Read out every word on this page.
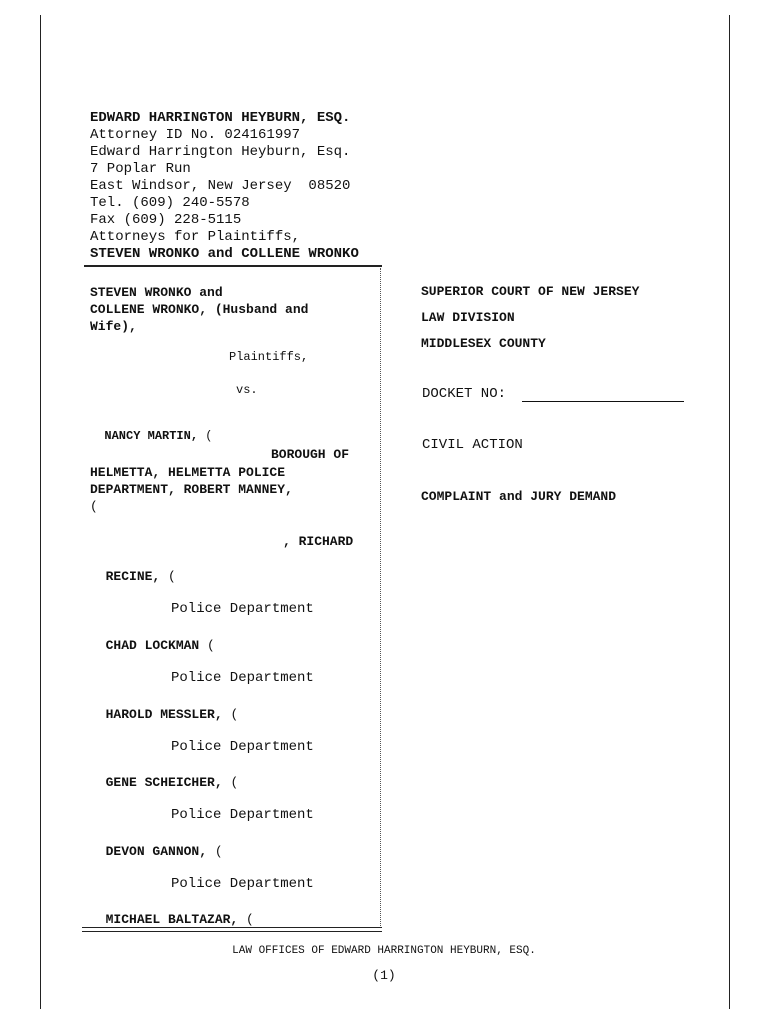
EDWARD HARRINGTON HEYBURN, ESQ.
Attorney ID No. 024161997
Edward Harrington Heyburn, Esq.
7 Poplar Run
East Windsor, New Jersey  08520
Tel. (609) 240-5578
Fax (609) 228-5115
Attorneys for Plaintiffs,
STEVEN WRONKO and COLLENE WRONKO
STEVEN WRONKO and
COLLENE WRONKO, (Husband and
Wife),
Plaintiffs,
vs.

NANCY MARTIN, (

BOROUGH OF
HELMETTA, HELMETTA POLICE
DEPARTMENT, ROBERT MANNEY,
(
, RICHARD

RECINE, (

Police Department

CHAD LOCKMAN (

Police Department

HAROLD MESSLER, (

Police Department

GENE SCHEICHER, (

Police Department

DEVON GANNON, (

Police Department

MICHAEL BALTAZAR, (

SUPERIOR COURT OF NEW JERSEY
LAW DIVISION
MIDDLESEX COUNTY
DOCKET NO:
CIVIL ACTION
COMPLAINT and JURY DEMAND
LAW OFFICES OF EDWARD HARRINGTON HEYBURN, ESQ.
(1)
